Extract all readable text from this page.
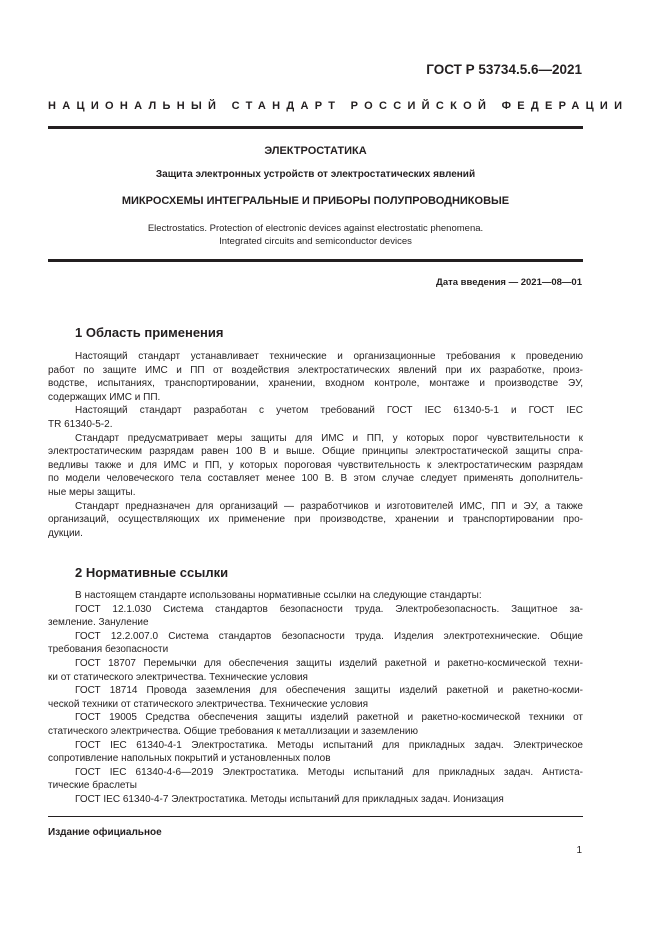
ГОСТ Р 53734.5.6—2021
НАЦИОНАЛЬНЫЙ СТАНДАРТ РОССИЙСКОЙ ФЕДЕРАЦИИ
ЭЛЕКТРОСТАТИКА
Защита электронных устройств от электростатических явлений
МИКРОСХЕМЫ ИНТЕГРАЛЬНЫЕ И ПРИБОРЫ ПОЛУПРОВОДНИКОВЫЕ
Electrostatics. Protection of electronic devices against electrostatic phenomena.
Integrated circuits and semiconductor devices
Дата введения — 2021—08—01
1 Область применения

Настоящий стандарт устанавливает технические и организационные требования к проведению
работ по защите ИМС и ПП от воздействия электростатических явлений при их разработке, произ-
водстве, испытаниях, транспортировании, хранении, входном контроле, монтаже и производстве ЭУ,
содержащих ИМС и ПП.

Настоящий стандарт разработан с учетом требований ГОСТ IEC 61340-5-1 и ГОСТ IEC
TR 61340-5-2.

Стандарт предусматривает меры защиты для ИМС и ПП, у которых порог чувствительности к
электростатическим разрядам равен 100 В и выше. Общие принципы электростатической защиты спра-
ведливы также и для ИМС и ПП, у которых пороговая чувствительность к электростатическим разрядам
по модели человеческого тела составляет менее 100 В. В этом случае следует применять дополнитель-
ные меры защиты.

Стандарт предназначен для организаций — разработчиков и изготовителей ИМС, ПП и ЭУ, а также
организаций, осуществляющих их применение при производстве, хранении и транспортировании про-
дукции.

2 Нормативные ссылки

В настоящем стандарте использованы нормативные ссылки на следующие стандарты:

ГОСТ 12.1.030 Система стандартов безопасности труда. Электробезопасность. Защитное за-
земление. Зануление

ГОСТ 12.2.007.0 Система стандартов безопасности труда. Изделия электротехнические. Общие
требования безопасности

ГОСТ 18707 Перемычки для обеспечения защиты изделий ракетной и ракетно-космической техни-
ки от статического электричества. Технические условия

ГОСТ 18714 Провода заземления для обеспечения защиты изделий ракетной и ракетно-косми-
ческой техники от статического электричества. Технические условия

ГОСТ 19005 Средства обеспечения защиты изделий ракетной и ракетно-космической техники от
статического электричества. Общие требования к металлизации и заземлению

ГОСТ IEC 61340-4-1 Электростатика. Методы испытаний для прикладных задач. Электрическое
сопротивление напольных покрытий и установленных полов

ГОСТ IEC 61340-4-6—2019 Электростатика. Методы испытаний для прикладных задач. Антиста-
тические браслеты

ГОСТ IEC 61340-4-7 Электростатика. Методы испытаний для прикладных задач. Ионизация

Издание официальное
1
